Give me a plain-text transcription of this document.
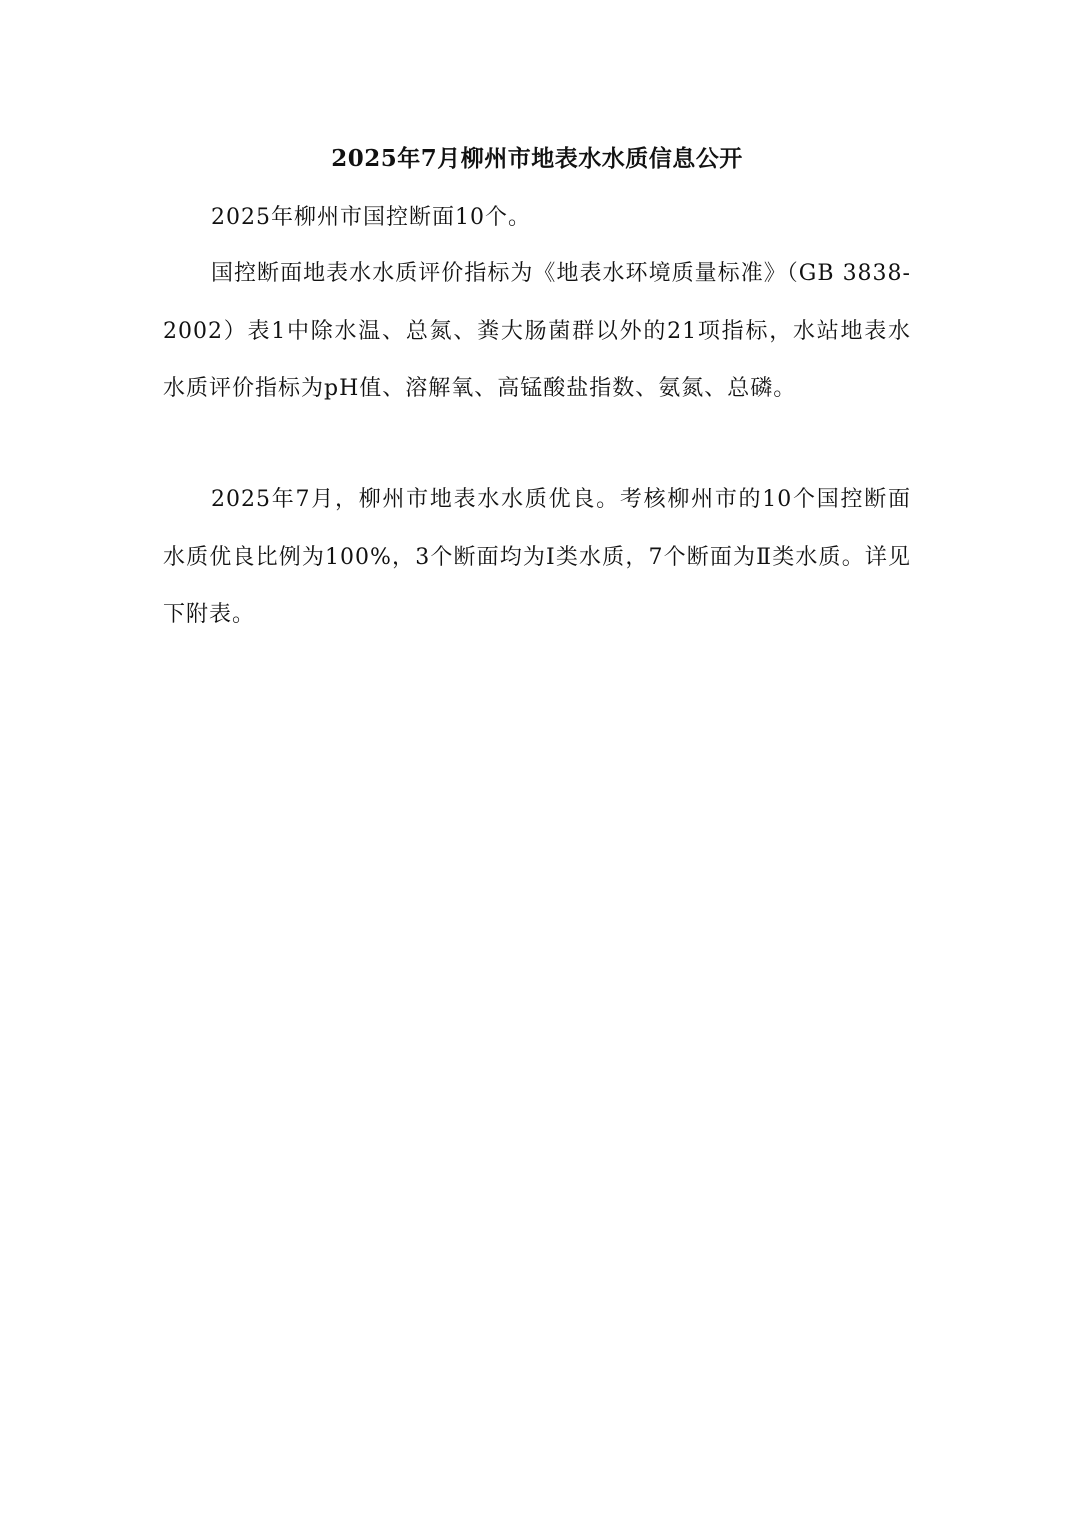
2025年7月柳州市地表水水质信息公开

2025年柳州市国控断面10个。

国控断面地表水水质评价指标为《地表水环境质量标准》（GB 3838-2002）表1中除水温、总氮、粪大肠菌群以外的21项指标，水站地表水水质评价指标为pH值、溶解氧、高锰酸盐指数、氨氮、总磷。

2025年7月，柳州市地表水水质优良。考核柳州市的10个国控断面水质优良比例为100%，3个断面均为Ⅰ类水质，7个断面为Ⅱ类水质。详见下附表。
